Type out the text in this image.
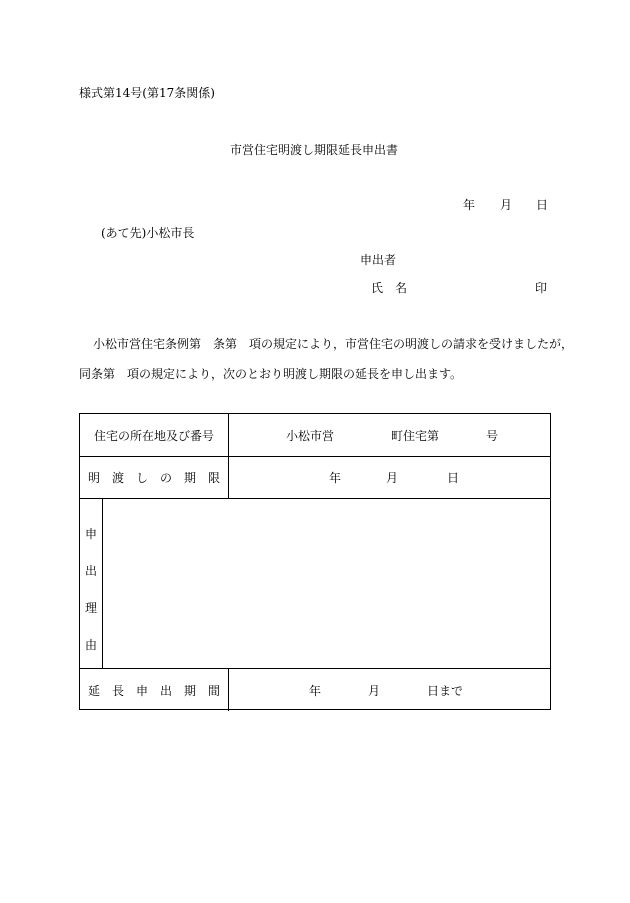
様式第14号(第17条関係)
市営住宅明渡し期限延長申出書
年 月 日
(あて先)小松市長
申出者
氏　名	印
小松市営住宅条例第　条第　項の規定により，市営住宅の明渡しの請求を受けましたが，
同条第　項の規定により，次のとおり明渡し期限の延長を申し出ます。
住宅の所在地及び番号	小松市営	町住宅第	号
明　渡　し　の　期　限	年	月	日
申
出
理
由
延　長　申　出　期　間	年	月	日まで
